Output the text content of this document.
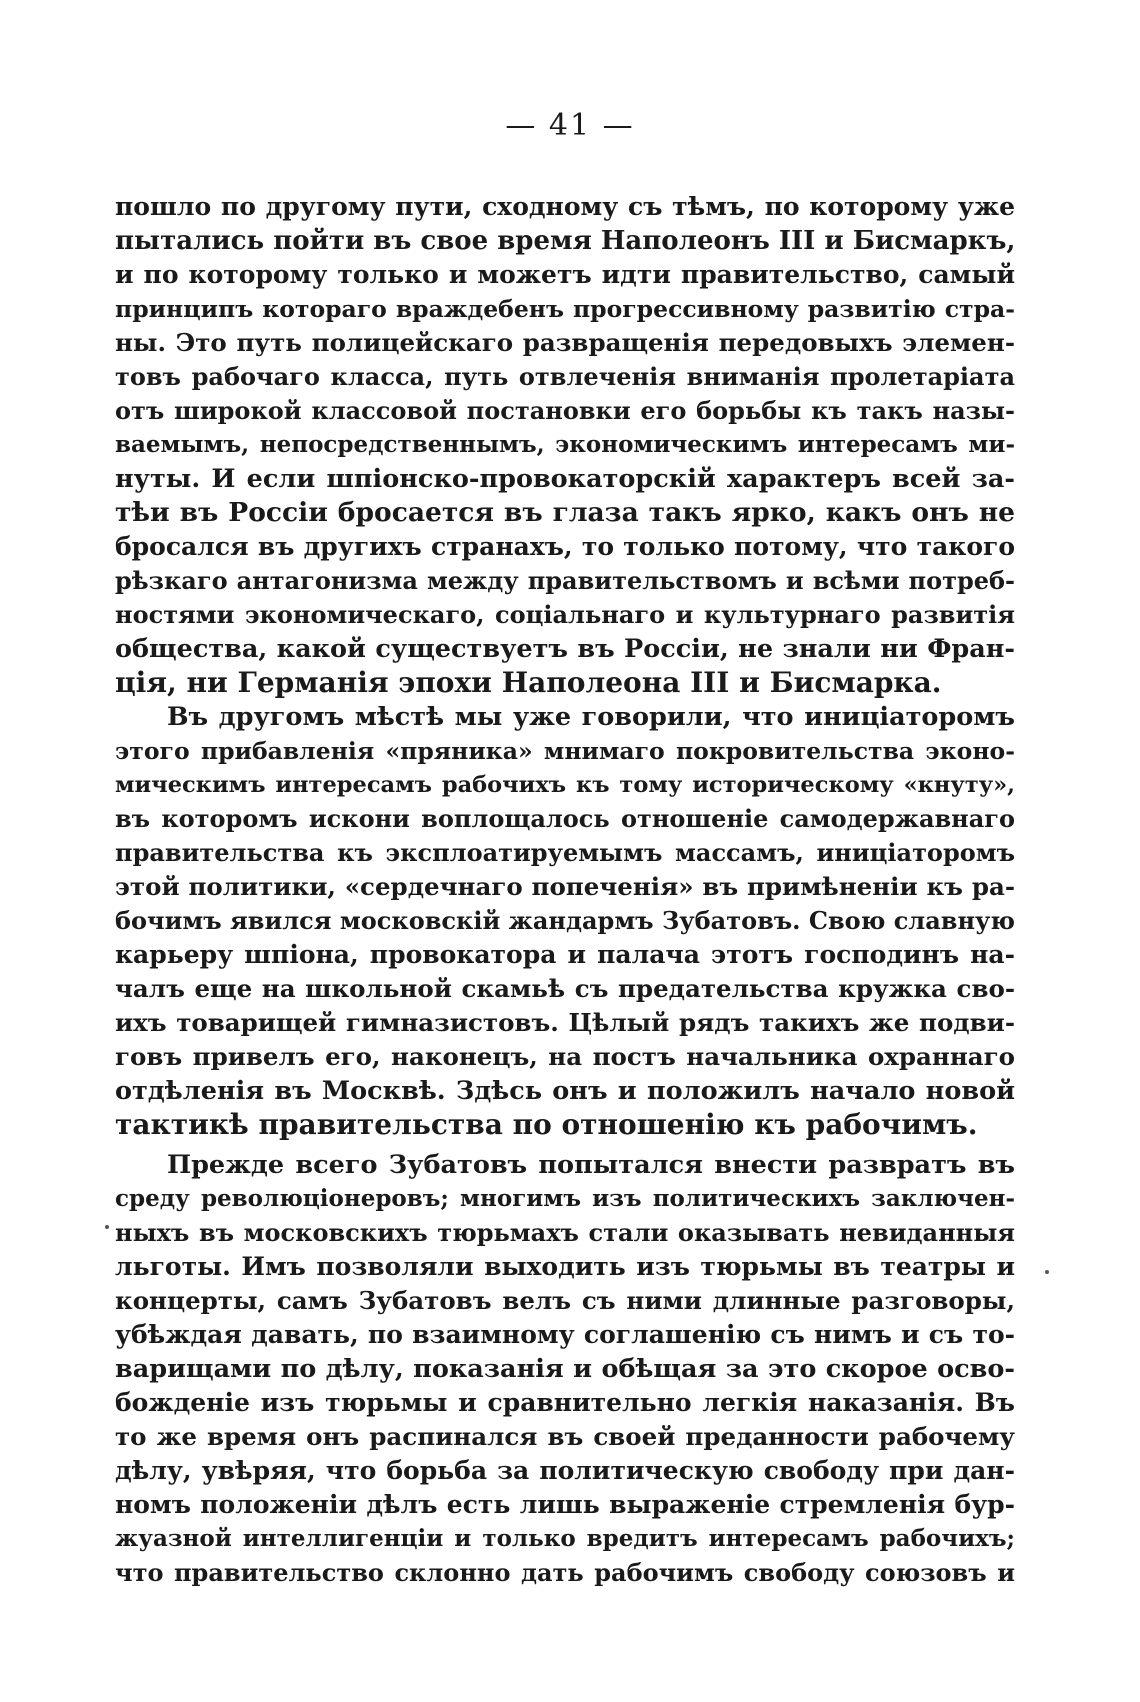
— 41 —
пошло по другому пути, сходному съ тѣмъ, по которому уже
пытались пойти въ свое время Наполеонъ III и Бисмаркъ,
и по которому только и можетъ идти правительство, самый
принципъ котораго враждебенъ прогрессивному развитію стра-
ны. Это путь полицейскаго развращенія передовыхъ элемен-
товъ рабочаго класса, путь отвлеченія вниманія пролетаріата
отъ широкой классовой постановки его борьбы къ такъ назы-
ваемымъ, непосредственнымъ, экономическимъ интересамъ ми-
нуты. И если шпіонско-провокаторскій характеръ всей за-
тѣи въ Россіи бросается въ глаза такъ ярко, какъ онъ не
бросался въ другихъ странахъ, то только потому, что такого
рѣзкаго антагонизма между правительствомъ и всѣми потреб-
ностями экономическаго, соціальнаго и культурнаго развитія
общества, какой существуетъ въ Россіи, не знали ни Фран-
ція, ни Германія эпохи Наполеона III и Бисмарка.
Въ другомъ мѣстѣ мы уже говорили, что иниціаторомъ
этого прибавленія «пряника» мнимаго покровительства эконо-
мическимъ интересамъ рабочихъ къ тому историческому «кнуту»,
въ которомъ искони воплощалось отношеніе самодержавнаго
правительства къ эксплоатируемымъ массамъ, иниціаторомъ
этой политики, «сердечнаго попеченія» въ примѣненіи къ ра-
бочимъ явился московскій жандармъ Зубатовъ. Свою славную
карьеру шпіона, провокатора и палача этотъ господинъ на-
чалъ еще на школьной скамьѣ съ предательства кружка сво-
ихъ товарищей гимназистовъ. Цѣлый рядъ такихъ же подви-
говъ привелъ его, наконецъ, на постъ начальника охраннаго
отдѣленія въ Москвѣ. Здѣсь онъ и положилъ начало новой
тактикѣ правительства по отношенію къ рабочимъ.
Прежде всего Зубатовъ попытался внести развратъ въ
среду революціонеровъ; многимъ изъ политическихъ заключен-
ныхъ въ московскихъ тюрьмахъ стали оказывать невиданныя
льготы. Имъ позволяли выходить изъ тюрьмы въ театры и
концерты, самъ Зубатовъ велъ съ ними длинные разговоры,
убѣждая давать, по взаимному соглашенію съ нимъ и съ то-
варищами по дѣлу, показанія и обѣщая за это скорое осво-
божденіе изъ тюрьмы и сравнительно легкія наказанія. Въ
то же время онъ распинался въ своей преданности рабочему
дѣлу, увѣряя, что борьба за политическую свободу при дан-
номъ положеніи дѣлъ есть лишь выраженіе стремленія бур-
жуазной интеллигенціи и только вредитъ интересамъ рабочихъ;
что правительство склонно дать рабочимъ свободу союзовъ и
